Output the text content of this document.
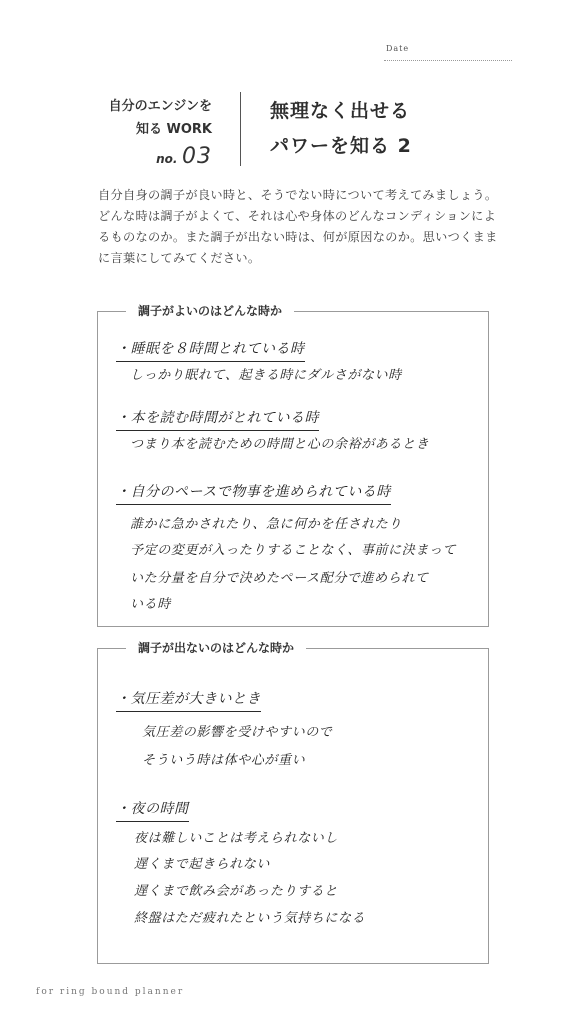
Date
自分のエンジンを
知る WORK
no. 03
無理なく出せる
パワーを知る 2
自分自身の調子が良い時と、そうでない時について考えてみましょう。どんな時は調子がよくて、それは心や身体のどんなコンディションによるものなのか。また調子が出ない時は、何が原因なのか。思いつくままに言葉にしてみてください。
調子がよいのはどんな時か
・睡眠を８時間とれている時
しっかり眠れて、起きる時にダルさがない時
・本を読む時間がとれている時
つまり本を読むための時間と心の余裕があるとき
・自分のペースで物事を進められている時
誰かに急かされたり、急に何かを任されたり
予定の変更が入ったりすることなく、事前に決まって
いた分量を自分で決めたペース配分で進められて
いる時
調子が出ないのはどんな時か
・気圧差が大きいとき
気圧差の影響を受けやすいので
そういう時は体や心が重い
・夜の時間
夜は難しいことは考えられないし
遅くまで起きられない
遅くまで飲み会があったりすると
終盤はただ疲れたという気持ちになる
for ring bound planner
